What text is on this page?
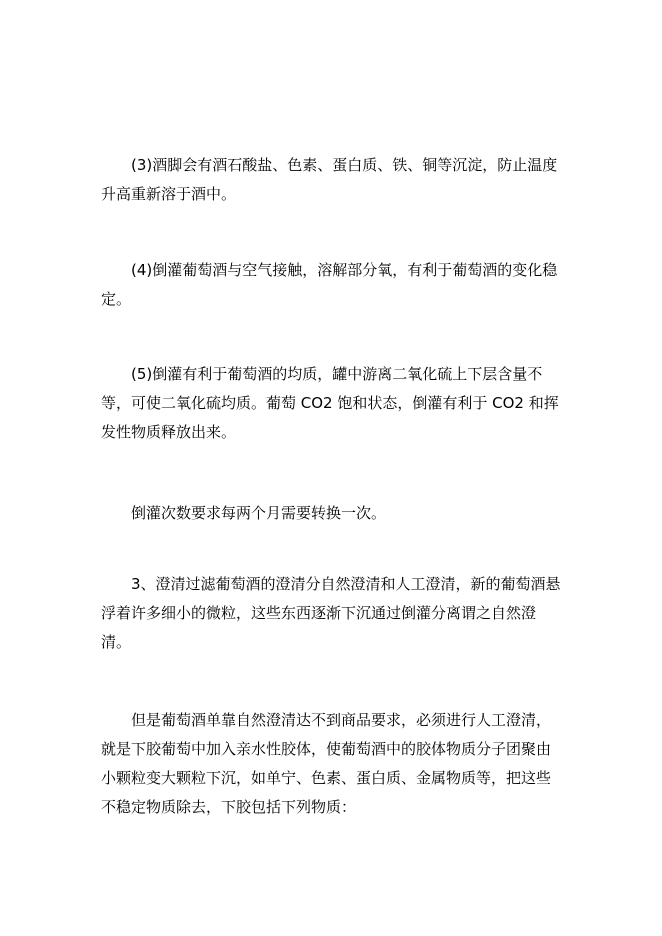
(3)酒脚会有酒石酸盐、色素、蛋白质、铁、铜等沉淀，防止温度升高重新溶于酒中。

(4)倒灌葡萄酒与空气接触，溶解部分氧，有利于葡萄酒的变化稳定。

(5)倒灌有利于葡萄酒的均质，罐中游离二氧化硫上下层含量不等，可使二氧化硫均质。葡萄 CO2 饱和状态，倒灌有利于 CO2 和挥发性物质释放出来。

倒灌次数要求每两个月需要转换一次。

3、澄清过滤葡萄酒的澄清分自然澄清和人工澄清，新的葡萄酒悬浮着许多细小的微粒，这些东西逐渐下沉通过倒灌分离谓之自然澄清。

但是葡萄酒单靠自然澄清达不到商品要求，必须进行人工澄清，就是下胶葡萄中加入亲水性胶体，使葡萄酒中的胶体物质分子团聚由小颗粒变大颗粒下沉，如单宁、色素、蛋白质、金属物质等，把这些不稳定物质除去，下胶包括下列物质：
